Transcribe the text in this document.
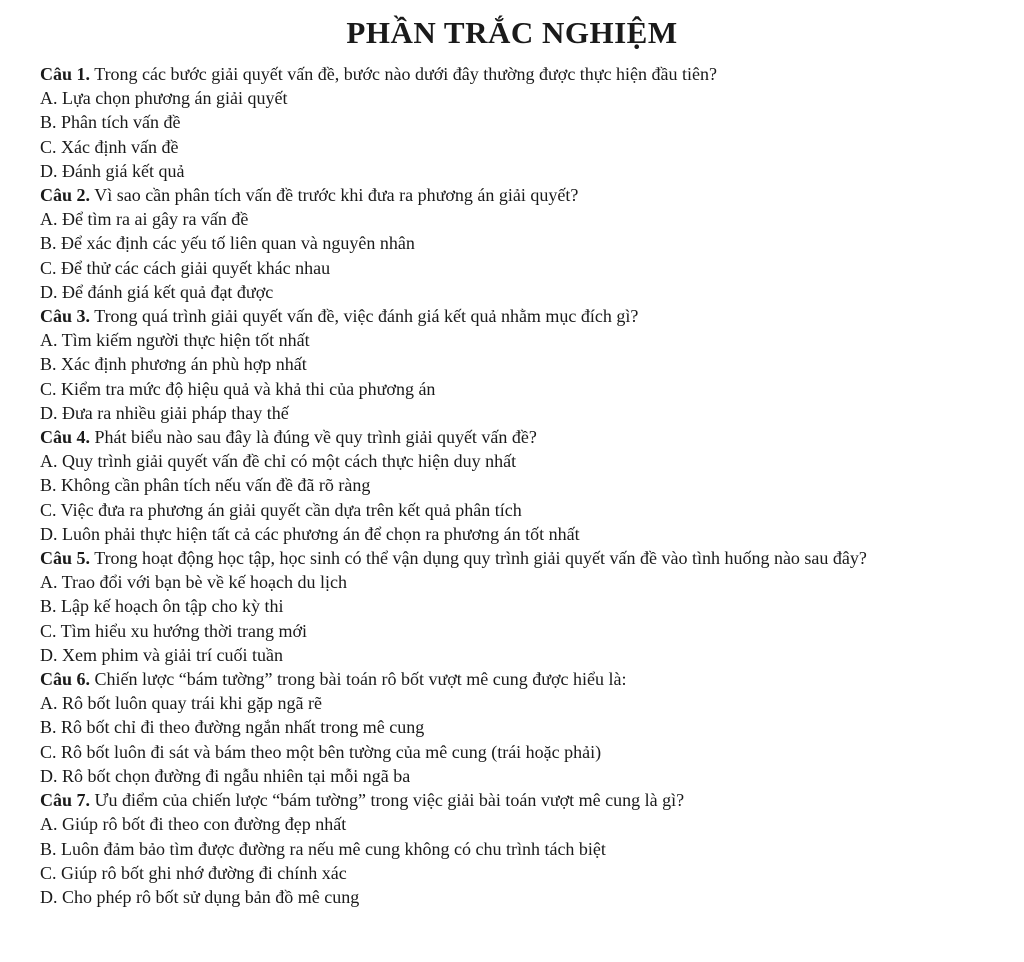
PHẦN TRẮC NGHIỆM

Câu 1. Trong các bước giải quyết vấn đề, bước nào dưới đây thường được thực hiện đầu tiên?

A. Lựa chọn phương án giải quyết

B. Phân tích vấn đề

C. Xác định vấn đề

D. Đánh giá kết quả

Câu 2. Vì sao cần phân tích vấn đề trước khi đưa ra phương án giải quyết?

A. Để tìm ra ai gây ra vấn đề

B. Để xác định các yếu tố liên quan và nguyên nhân

C. Để thử các cách giải quyết khác nhau

D. Để đánh giá kết quả đạt được

Câu 3. Trong quá trình giải quyết vấn đề, việc đánh giá kết quả nhằm mục đích gì?

A. Tìm kiếm người thực hiện tốt nhất

B. Xác định phương án phù hợp nhất

C. Kiểm tra mức độ hiệu quả và khả thi của phương án

D. Đưa ra nhiều giải pháp thay thế

Câu 4. Phát biểu nào sau đây là đúng về quy trình giải quyết vấn đề?

A. Quy trình giải quyết vấn đề chỉ có một cách thực hiện duy nhất

B. Không cần phân tích nếu vấn đề đã rõ ràng

C. Việc đưa ra phương án giải quyết cần dựa trên kết quả phân tích

D. Luôn phải thực hiện tất cả các phương án để chọn ra phương án tốt nhất

Câu 5. Trong hoạt động học tập, học sinh có thể vận dụng quy trình giải quyết vấn đề vào tình huống nào sau đây?

A. Trao đổi với bạn bè về kế hoạch du lịch

B. Lập kế hoạch ôn tập cho kỳ thi

C. Tìm hiểu xu hướng thời trang mới

D. Xem phim và giải trí cuối tuần

Câu 6. Chiến lược “bám tường” trong bài toán rô bốt vượt mê cung được hiểu là:

A. Rô bốt luôn quay trái khi gặp ngã rẽ

B. Rô bốt chỉ đi theo đường ngắn nhất trong mê cung

C. Rô bốt luôn đi sát và bám theo một bên tường của mê cung (trái hoặc phải)

D. Rô bốt chọn đường đi ngẫu nhiên tại mỗi ngã ba

Câu 7. Ưu điểm của chiến lược “bám tường” trong việc giải bài toán vượt mê cung là gì?

A. Giúp rô bốt đi theo con đường đẹp nhất

B. Luôn đảm bảo tìm được đường ra nếu mê cung không có chu trình tách biệt

C. Giúp rô bốt ghi nhớ đường đi chính xác

D. Cho phép rô bốt sử dụng bản đồ mê cung
